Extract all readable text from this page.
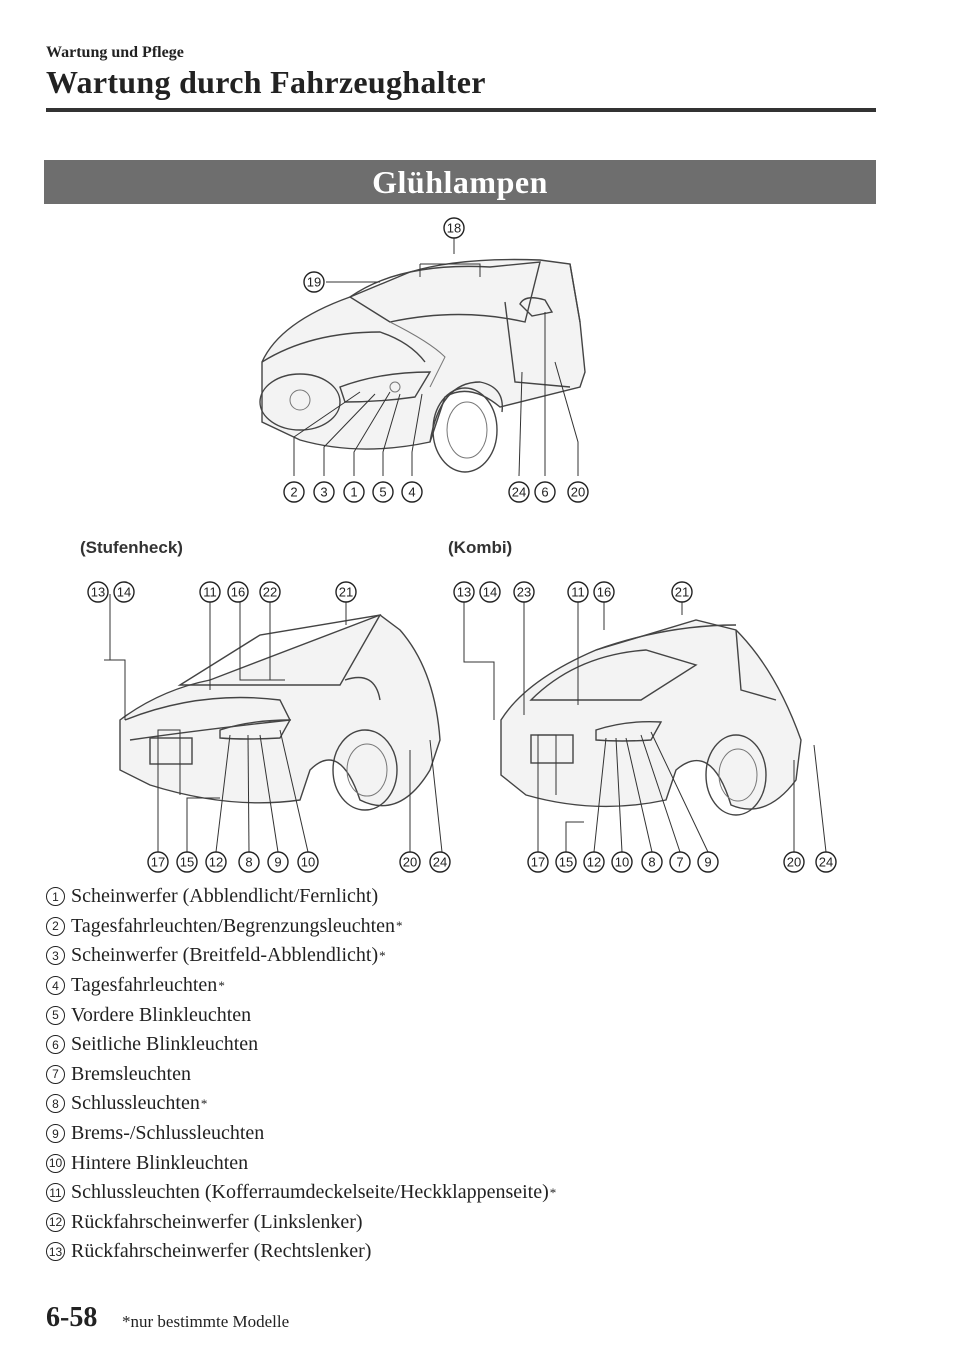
Wartung und Pflege
Wartung durch Fahrzeughalter
Glühlampen
18
19
2 3 1 5 4	24 6 20
(Stufenheck)	(Kombi)
13 14	11 16 22	21
17 15 12 8 9 10	20 24
13 14 23	11 16	21
17 15 12 10 8 7 9	20 24
1 Scheinwerfer (Abblendlicht/Fernlicht)
2 Tagesfahrleuchten/Begrenzungsleuchten *
3 Scheinwerfer (Breitfeld-Abblendlicht) *
4 Tagesfahrleuchten *
5 Vordere Blinkleuchten
6 Seitliche Blinkleuchten
7 Bremsleuchten
8 Schlussleuchten *
9 Brems-/Schlussleuchten
10 Hintere Blinkleuchten
11 Schlussleuchten (Kofferraumdeckelseite/Heckklappenseite) *
12 Rückfahrscheinwerfer (Linkslenker)
13 Rückfahrscheinwerfer (Rechtslenker)
6-58 *nur bestimmte Modelle
